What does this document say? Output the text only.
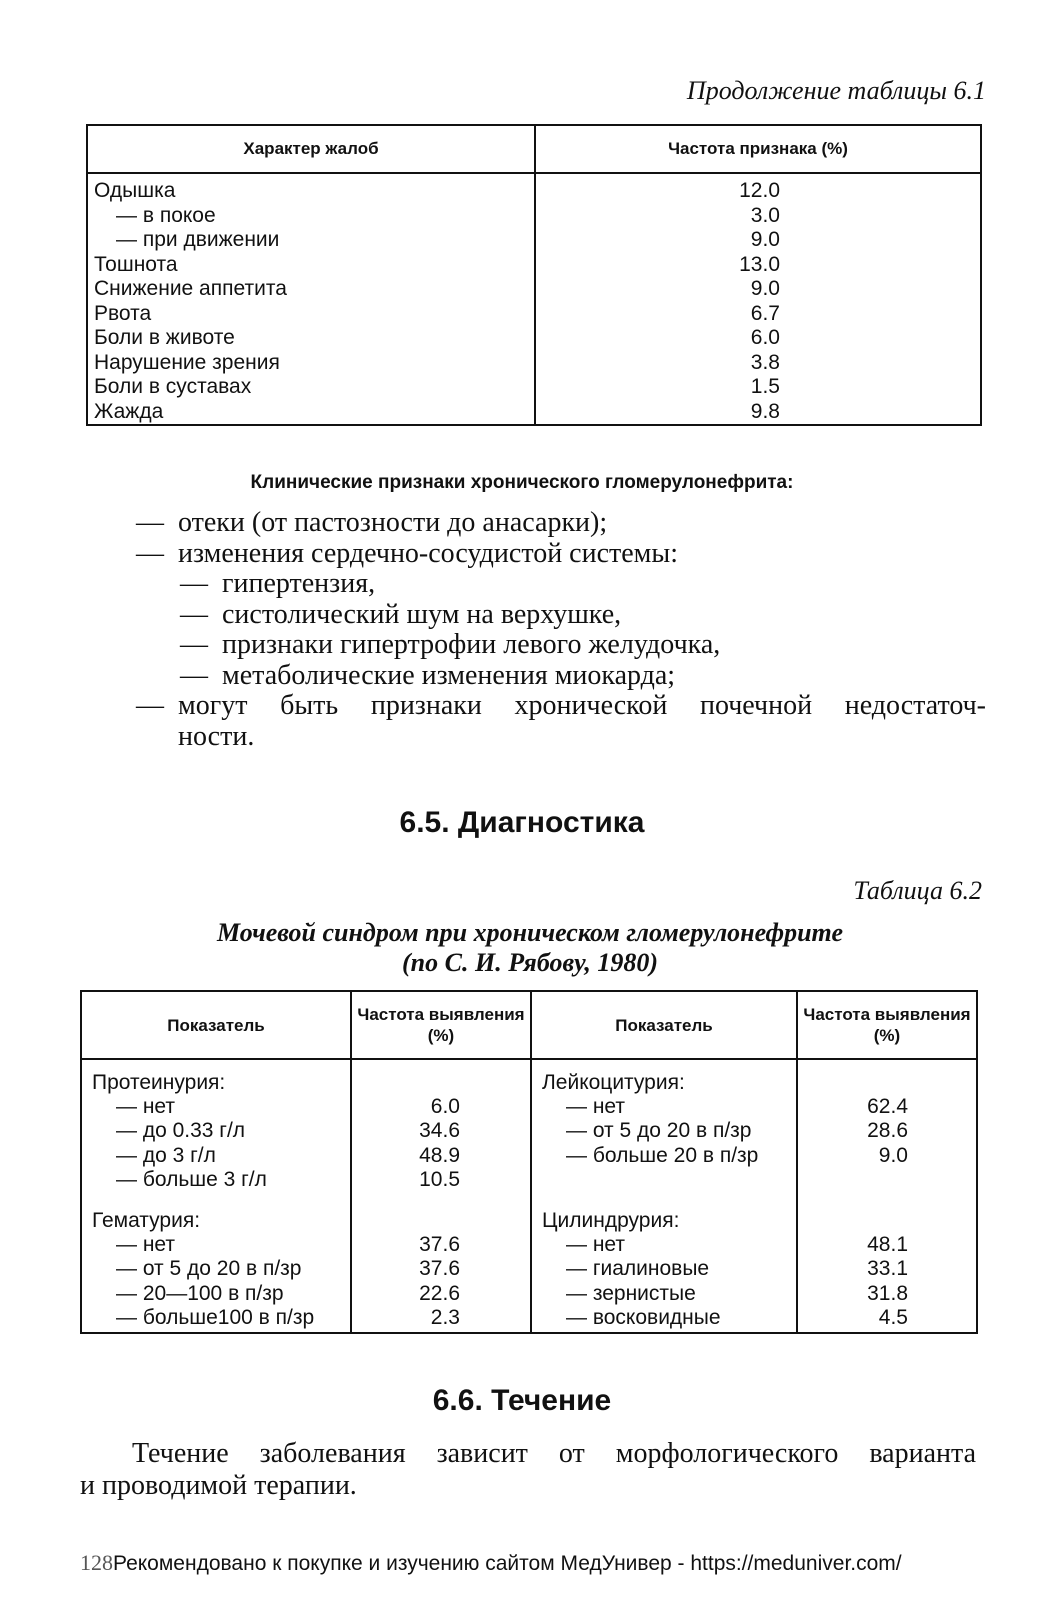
Продолжение таблицы 6.1
Характер жалоб	Частота признака (%)
Одышка
— в покое
— при движении
Тошнота
Снижение аппетита
Рвота
Боли в животе
Нарушение зрения
Боли в суставах
Жажда
12.0
3.0
9.0
13.0
9.0
6.7
6.0
3.8
1.5
9.8
Клинические признаки хронического гломерулонефрита:
— отеки (от пастозности до анасарки);
— изменения сердечно-сосудистой системы:
— гипертензия,
— систолический шум на верхушке,
— признаки гипертрофии левого желудочка,
— метаболические изменения миокарда;
— могут быть признаки хронической почечной недостаточ-
ности.
6.5. Диагностика
Таблица 6.2
Мочевой синдром при хроническом гломерулонефрите
(по С. И. Рябову, 1980)
Показатель
Частота выявления (%)
Показатель
Частота выявления (%)
Протеинурия:
— нет
— до 0.33 г/л
— до 3 г/л
— больше 3 г/л
Гематурия:
— нет
— от 5 до 20 в п/зр
— 20—100 в п/зр
— больше100 в п/зр
6.0
34.6
48.9
10.5
37.6
37.6
22.6
2.3
Лейкоцитурия:
— нет
— от 5 до 20 в п/зр
— больше 20 в п/зр
Цилиндрурия:
— нет
— гиалиновые
— зернистые
— восковидные
62.4
28.6
9.0
48.1
33.1
31.8
4.5
6.6. Течение
Течение заболевания зависит от морфологического варианта
и проводимой терапии.
128Рекомендовано к покупке и изучению сайтом МедУнивер - https://meduniver.com/
